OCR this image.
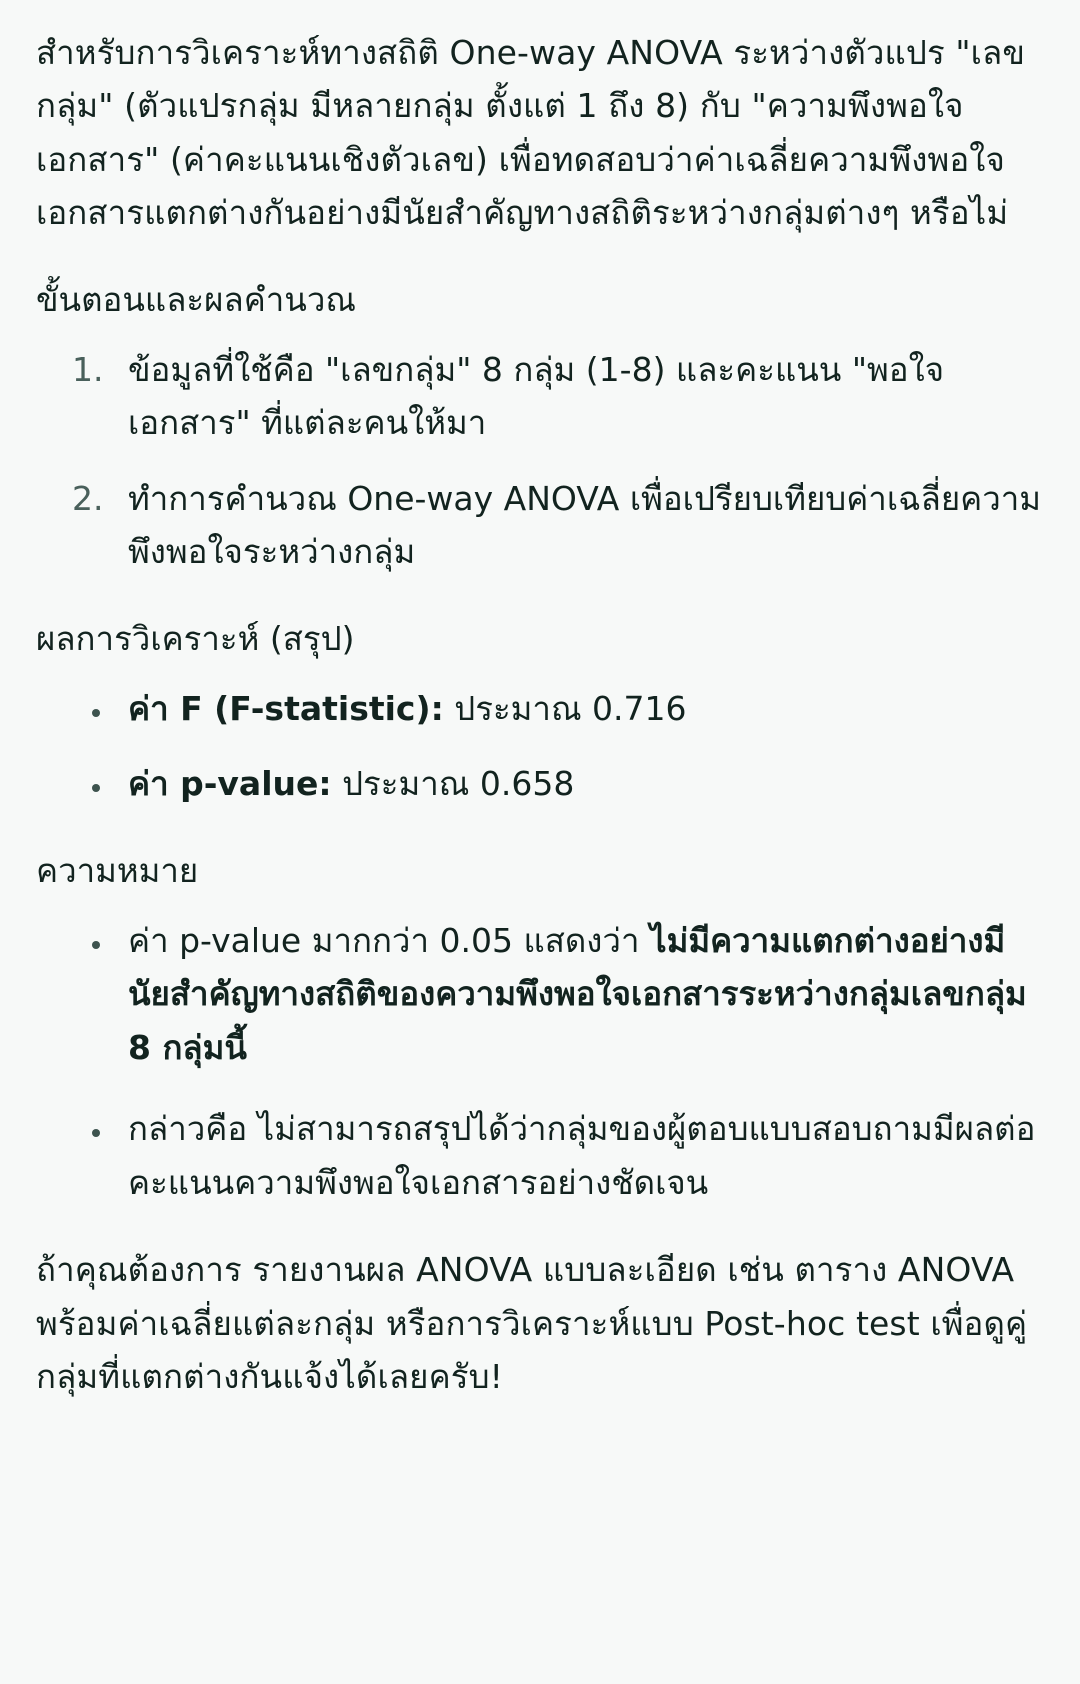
สำหรับการวิเคราะห์ทางสถิติ One-way ANOVA ระหว่างตัวแปร "เลขกลุ่ม" (ตัวแปรกลุ่ม มีหลายกลุ่ม ตั้งแต่ 1 ถึง 8) กับ "ความพึงพอใจเอกสาร" (ค่าคะแนนเชิงตัวเลข) เพื่อทดสอบว่าค่าเฉลี่ยความพึงพอใจเอกสารแตกต่างกันอย่างมีนัยสำคัญทางสถิติระหว่างกลุ่มต่างๆ หรือไม่

ขั้นตอนและผลคำนวณ
1. ข้อมูลที่ใช้คือ "เลขกลุ่ม" 8 กลุ่ม (1-8) และคะแนน "พอใจเอกสาร" ที่แต่ละคนให้มา
2. ทำการคำนวณ One-way ANOVA เพื่อเปรียบเทียบค่าเฉลี่ยความพึงพอใจระหว่างกลุ่ม
ผลการวิเคราะห์ (สรุป)
• ค่า F (F-statistic): ประมาณ 0.716
• ค่า p-value: ประมาณ 0.658
ความหมาย
• ค่า p-value มากกว่า 0.05 แสดงว่า ไม่มีความแตกต่างอย่างมีนัยสำคัญทางสถิติของความพึงพอใจเอกสารระหว่างกลุ่มเลขกลุ่ม 8 กลุ่มนี้
• กล่าวคือ ไม่สามารถสรุปได้ว่ากลุ่มของผู้ตอบแบบสอบถามมีผลต่อคะแนนความพึงพอใจเอกสารอย่างชัดเจน

ถ้าคุณต้องการ รายงานผล ANOVA แบบละเอียด เช่น ตาราง ANOVA พร้อมค่าเฉลี่ยแต่ละกลุ่ม หรือการวิเคราะห์แบบ Post-hoc test เพื่อดูคู่กลุ่มที่แตกต่างกันแจ้งได้เลยครับ!
